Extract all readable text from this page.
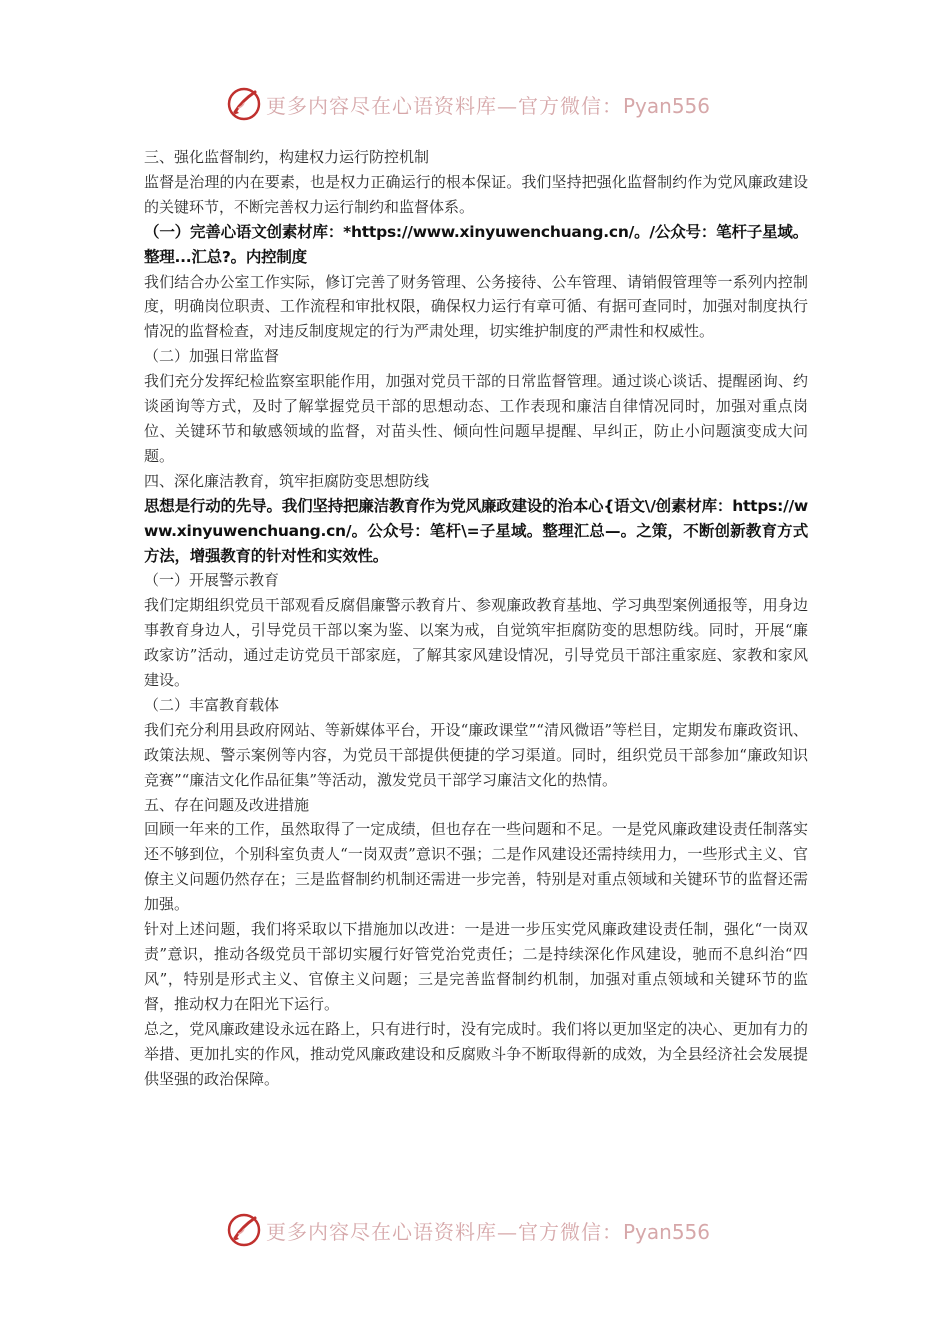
更多内容尽在心语资料库—官方微信：Pyan556

三、强化监督制约，构建权力运行防控机制

监督是治理的内在要素，也是权力正确运行的根本保证。我们坚持把强化监督制约作为党风廉政建设的关键环节，不断完善权力运行制约和监督体系。

（一）完善心语文创素材库：*https://www.xinyuwenchuang.cn/。/公众号：笔杆子星域。整理...汇总?。内控制度

我们结合办公室工作实际，修订完善了财务管理、公务接待、公车管理、请销假管理等一系列内控制度，明确岗位职责、工作流程和审批权限，确保权力运行有章可循、有据可查同时，加强对制度执行情况的监督检查，对违反制度规定的行为严肃处理，切实维护制度的严肃性和权威性。

（二）加强日常监督

我们充分发挥纪检监察室职能作用，加强对党员干部的日常监督管理。通过谈心谈话、提醒函询、约谈函询等方式，及时了解掌握党员干部的思想动态、工作表现和廉洁自律情况同时，加强对重点岗位、关键环节和敏感领域的监督，对苗头性、倾向性问题早提醒、早纠正，防止小问题演变成大问题。

四、深化廉洁教育，筑牢拒腐防变思想防线

思想是行动的先导。我们坚持把廉洁教育作为党风廉政建设的治本心{语文\/创素材库：https://www.xinyuwenchuang.cn/。公众号：笔杆\=子星域。整理汇总—。之策，不断创新教育方式方法，增强教育的针对性和实效性。

（一）开展警示教育

我们定期组织党员干部观看反腐倡廉警示教育片、参观廉政教育基地、学习典型案例通报等，用身边事教育身边人，引导党员干部以案为鉴、以案为戒，自觉筑牢拒腐防变的思想防线。同时，开展“廉政家访”活动，通过走访党员干部家庭，了解其家风建设情况，引导党员干部注重家庭、家教和家风建设。

（二）丰富教育载体

我们充分利用县政府网站、等新媒体平台，开设“廉政课堂”“清风微语”等栏目，定期发布廉政资讯、政策法规、警示案例等内容，为党员干部提供便捷的学习渠道。同时，组织党员干部参加“廉政知识竞赛”“廉洁文化作品征集”等活动，激发党员干部学习廉洁文化的热情。

五、存在问题及改进措施

回顾一年来的工作，虽然取得了一定成绩，但也存在一些问题和不足。一是党风廉政建设责任制落实还不够到位，个别科室负责人“一岗双责”意识不强；二是作风建设还需持续用力，一些形式主义、官僚主义问题仍然存在；三是监督制约机制还需进一步完善，特别是对重点领域和关键环节的监督还需加强。

针对上述问题，我们将采取以下措施加以改进：一是进一步压实党风廉政建设责任制，强化“一岗双责”意识，推动各级党员干部切实履行好管党治党责任；二是持续深化作风建设，驰而不息纠治“四风”，特别是形式主义、官僚主义问题；三是完善监督制约机制，加强对重点领域和关键环节的监督，推动权力在阳光下运行。

总之，党风廉政建设永远在路上，只有进行时，没有完成时。我们将以更加坚定的决心、更加有力的举措、更加扎实的作风，推动党风廉政建设和反腐败斗争不断取得新的成效，为全县经济社会发展提供坚强的政治保障。

更多内容尽在心语资料库—官方微信：Pyan556
